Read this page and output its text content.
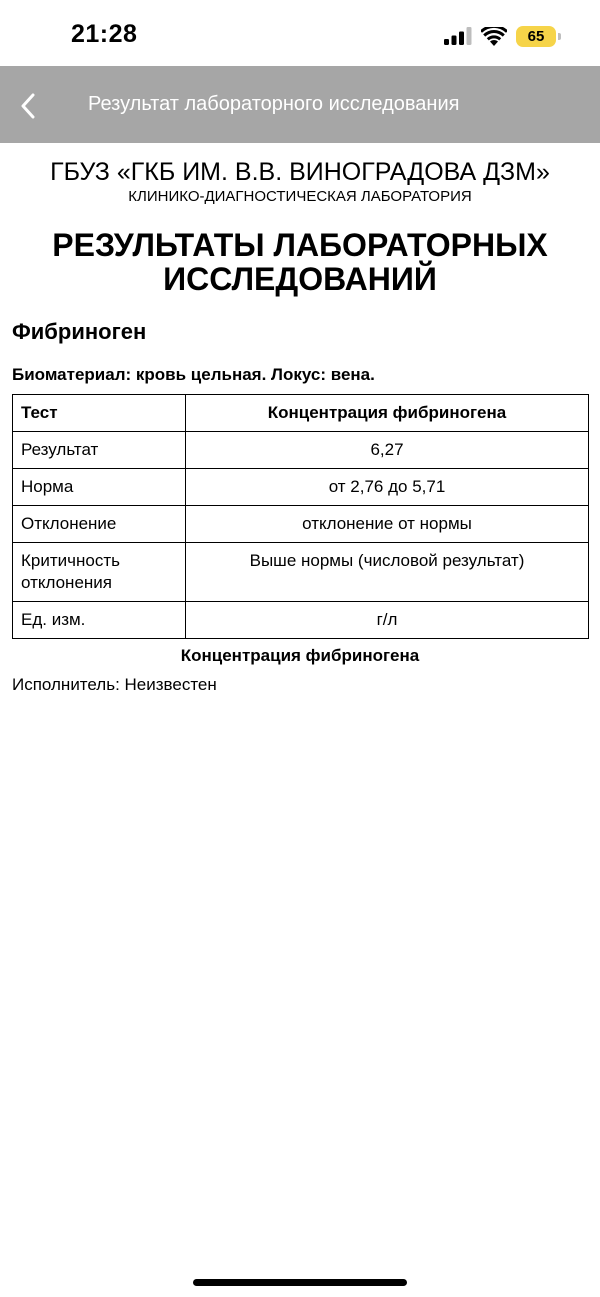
21:28	65
Результат лабораторного исследования
ГБУЗ «ГКБ ИМ. В.В. ВИНОГРАДОВА ДЗМ»
КЛИНИКО-ДИАГНОСТИЧЕСКАЯ ЛАБОРАТОРИЯ
РЕЗУЛЬТАТЫ ЛАБОРАТОРНЫХ ИССЛЕДОВАНИЙ
Фибриноген
Биоматериал: кровь цельная. Локус: вена.
Тест	Концентрация фибриногена
Результат	6,27
Норма	от 2,76 до 5,71
Отклонение	отклонение от нормы
Критичность отклонения	Выше нормы (числовой результат)
Ед. изм.	г/л
Концентрация фибриногена
Исполнитель: Неизвестен
